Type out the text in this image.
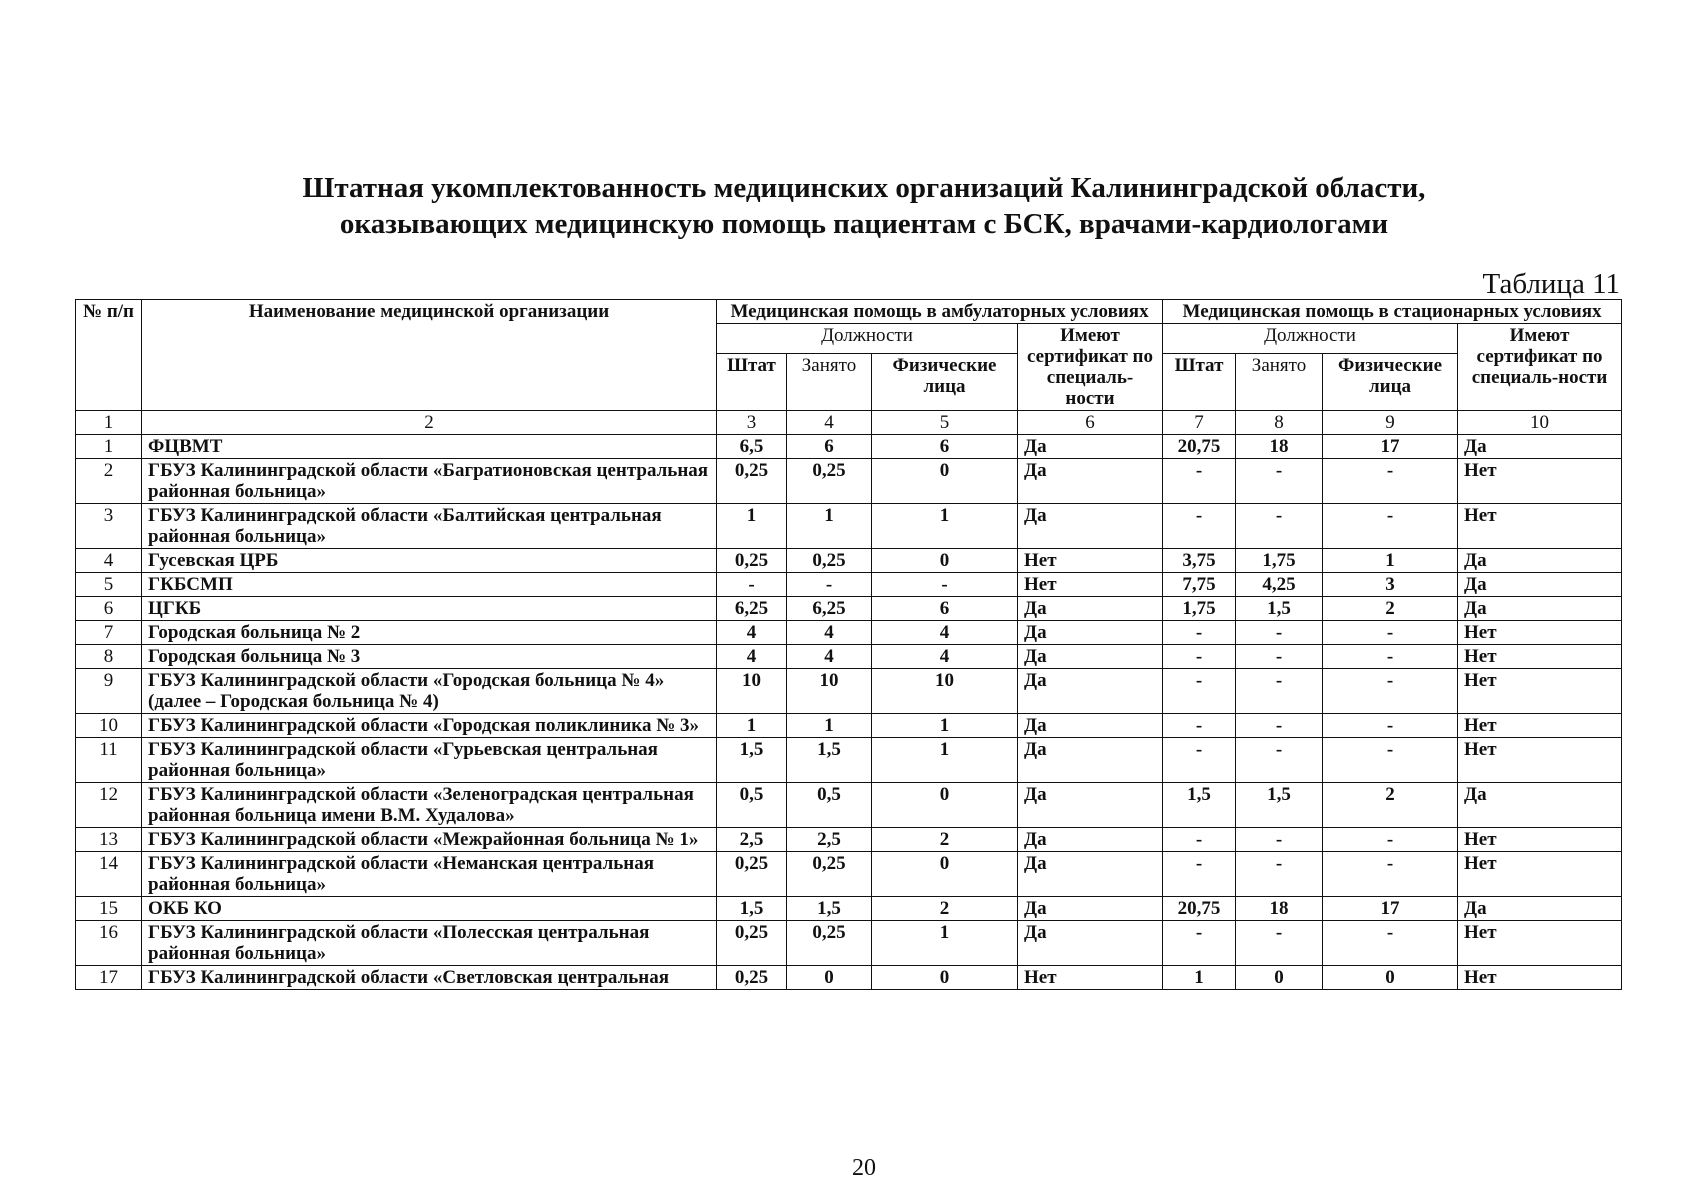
Штатная укомплектованность медицинских организаций Калининградской области,
оказывающих медицинскую помощь пациентам с БСК, врачами-кардиологами
Таблица 11
№ п/п	Наименование медицинской организации	Медицинская помощь в амбулаторных условиях				Медицинская помощь в стационарных условиях			
		Должности			Имеют сертификат по специаль-ности	Должности			Имеют сертификат по специаль-ности
		Штат	Занято	Физические лица		Штат	Занято	Физические лица	
1	2	3	4	5	6	7	8	9	10
1	ФЦВМТ	6,5	6	6	Да	20,75	18	17	Да
2	ГБУЗ Калининградской области «Багратионовская центральная районная больница»	0,25	0,25	0	Да	-	-	-	Нет
3	ГБУЗ Калининградской области «Балтийская центральная районная больница»	1	1	1	Да	-	-	-	Нет
4	Гусевская ЦРБ	0,25	0,25	0	Нет	3,75	1,75	1	Да
5	ГКБСМП	-	-	-	Нет	7,75	4,25	3	Да
6	ЦГКБ	6,25	6,25	6	Да	1,75	1,5	2	Да
7	Городская больница № 2	4	4	4	Да	-	-	-	Нет
8	Городская больница № 3	4	4	4	Да	-	-	-	Нет
9	ГБУЗ Калининградской области «Городская больница № 4» (далее – Городская больница № 4)	10	10	10	Да	-	-	-	Нет
10	ГБУЗ Калининградской области «Городская поликлиника № 3»	1	1	1	Да	-	-	-	Нет
11	ГБУЗ Калининградской области «Гурьевская центральная районная больница»	1,5	1,5	1	Да	-	-	-	Нет
12	ГБУЗ Калининградской области «Зеленоградская центральная районная больница имени В.М. Худалова»	0,5	0,5	0	Да	1,5	1,5	2	Да
13	ГБУЗ Калининградской области «Межрайонная больница № 1»	2,5	2,5	2	Да	-	-	-	Нет
14	ГБУЗ Калининградской области «Неманская центральная районная больница»	0,25	0,25	0	Да	-	-	-	Нет
15	ОКБ КО	1,5	1,5	2	Да	20,75	18	17	Да
16	ГБУЗ Калининградской области «Полесская центральная районная больница»	0,25	0,25	1	Да	-	-	-	Нет
17	ГБУЗ Калининградской области «Светловская центральная	0,25	0	0	Нет	1	0	0	Нет
20
